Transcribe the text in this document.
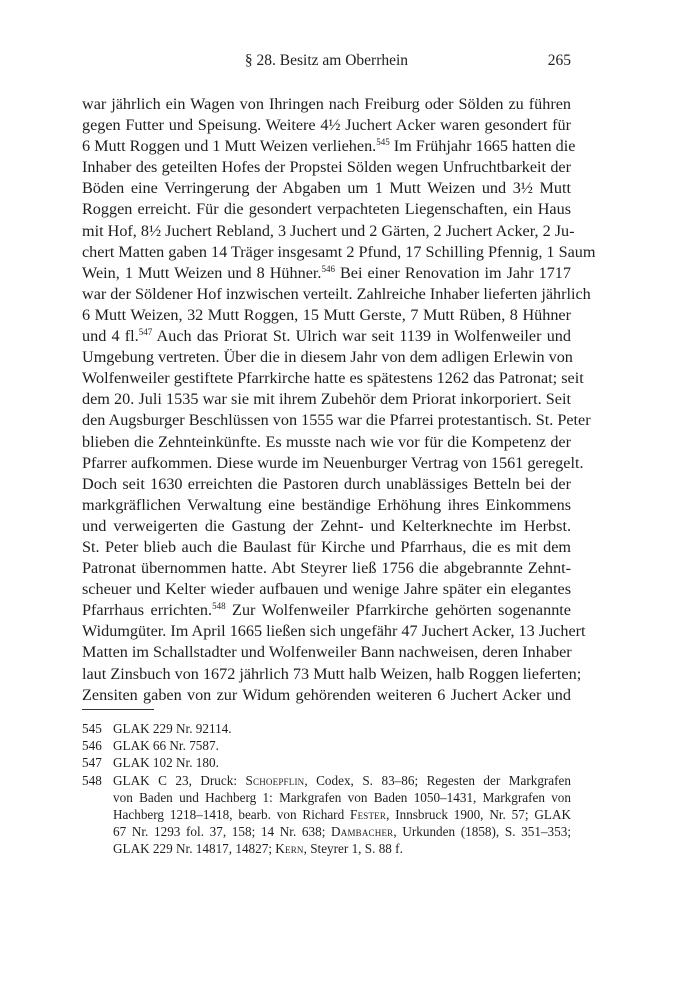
§ 28. Besitz am Oberrhein	265
war jährlich ein Wagen von Ihringen nach Freiburg oder Sölden zu führen
gegen Futter und Speisung. Weitere 4½ Juchert Acker waren gesondert für
6 Mutt Roggen und 1 Mutt Weizen verliehen.$^{545}$ Im Frühjahr 1665 hatten die
Inhaber des geteilten Hofes der Propstei Sölden wegen Unfruchtbarkeit der
Böden eine Verringerung der Abgaben um 1 Mutt Weizen und 3½ Mutt
Roggen erreicht. Für die gesondert verpachteten Liegenschaften, ein Haus
mit Hof, 8½ Juchert Rebland, 3 Juchert und 2 Gärten, 2 Juchert Acker, 2 Ju-
chert Matten gaben 14 Träger insgesamt 2 Pfund, 17 Schilling Pfennig, 1 Saum
Wein, 1 Mutt Weizen und 8 Hühner.$^{546}$ Bei einer Renovation im Jahr 1717
war der Söldener Hof inzwischen verteilt. Zahlreiche Inhaber lieferten jährlich
6 Mutt Weizen, 32 Mutt Roggen, 15 Mutt Gerste, 7 Mutt Rüben, 8 Hühner
und 4 fl.$^{547}$ Auch das Priorat St. Ulrich war seit 1139 in Wolfenweiler und
Umgebung vertreten. Über die in diesem Jahr von dem adligen Erlewin von
Wolfenweiler gestiftete Pfarrkirche hatte es spätestens 1262 das Patronat; seit
dem 20. Juli 1535 war sie mit ihrem Zubehör dem Priorat inkorporiert. Seit
den Augsburger Beschlüssen von 1555 war die Pfarrei protestantisch. St. Peter
blieben die Zehnteinkünfte. Es musste nach wie vor für die Kompetenz der
Pfarrer aufkommen. Diese wurde im Neuenburger Vertrag von 1561 geregelt.
Doch seit 1630 erreichten die Pastoren durch unablässiges Betteln bei der
markgräflichen Verwaltung eine beständige Erhöhung ihres Einkommens
und verweigerten die Gastung der Zehnt- und Kelterknechte im Herbst.
St. Peter blieb auch die Baulast für Kirche und Pfarrhaus, die es mit dem
Patronat übernommen hatte. Abt Steyrer ließ 1756 die abgebrannte Zehnt-
scheuer und Kelter wieder aufbauen und wenige Jahre später ein elegantes
Pfarrhaus errichten.$^{548}$ Zur Wolfenweiler Pfarrkirche gehörten sogenannte
Widumgüter. Im April 1665 ließen sich ungefähr 47 Juchert Acker, 13 Juchert
Matten im Schallstadter und Wolfenweiler Bann nachweisen, deren Inhaber
laut Zinsbuch von 1672 jährlich 73 Mutt halb Weizen, halb Roggen lieferten;
Zensiten gaben von zur Widum gehörenden weiteren 6 Juchert Acker und
545 GLAK 229 Nr. 92114.
546 GLAK 66 Nr. 7587.
547 GLAK 102 Nr. 180.
548 GLAK C 23, Druck: Schoepflin, Codex, S. 83–86; Regesten der Markgrafen
von Baden und Hachberg 1: Markgrafen von Baden 1050–1431, Markgrafen von
Hachberg 1218–1418, bearb. von Richard Fester, Innsbruck 1900, Nr. 57; GLAK
67 Nr. 1293 fol. 37, 158; 14 Nr. 638; Dambacher, Urkunden (1858), S. 351–353;
GLAK 229 Nr. 14817, 14827; Kern, Steyrer 1, S. 88 f.
